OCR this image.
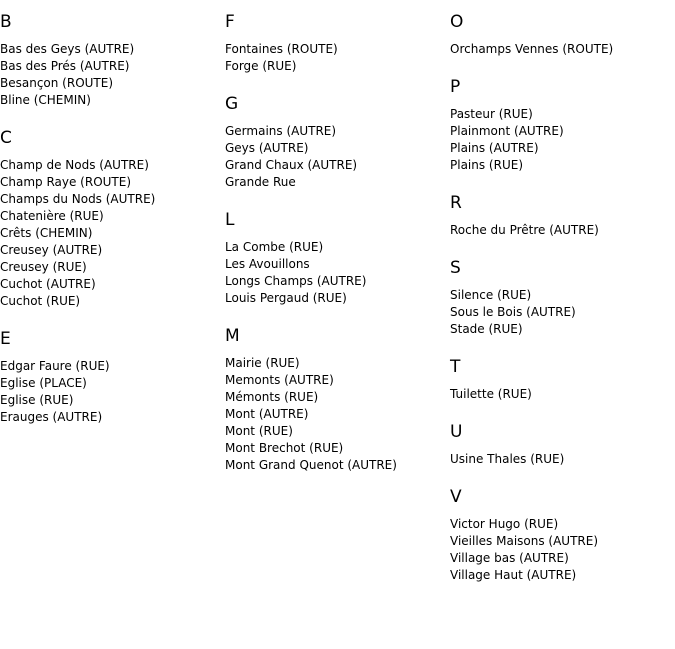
B
Bas des Geys (AUTRE)
Bas des Prés (AUTRE)
Besançon (ROUTE)
Bline (CHEMIN)
C
Champ de Nods (AUTRE)
Champ Raye (ROUTE)
Champs du Nods (AUTRE)
Chatenière (RUE)
Crêts (CHEMIN)
Creusey (AUTRE)
Creusey (RUE)
Cuchot (AUTRE)
Cuchot (RUE)
E
Edgar Faure (RUE)
Eglise (PLACE)
Eglise (RUE)
Erauges (AUTRE)
F
Fontaines (ROUTE)
Forge (RUE)
G
Germains (AUTRE)
Geys (AUTRE)
Grand Chaux (AUTRE)
Grande Rue
L
La Combe (RUE)
Les Avouillons
Longs Champs (AUTRE)
Louis Pergaud (RUE)
M
Mairie (RUE)
Memonts (AUTRE)
Mémonts (RUE)
Mont (AUTRE)
Mont (RUE)
Mont Brechot (RUE)
Mont Grand Quenot (AUTRE)
O
Orchamps Vennes (ROUTE)
P
Pasteur (RUE)
Plainmont (AUTRE)
Plains (AUTRE)
Plains (RUE)
R
Roche du Prêtre (AUTRE)
S
Silence (RUE)
Sous le Bois (AUTRE)
Stade (RUE)
T
Tuilette (RUE)
U
Usine Thales (RUE)
V
Victor Hugo (RUE)
Vieilles Maisons (AUTRE)
Village bas (AUTRE)
Village Haut (AUTRE)
